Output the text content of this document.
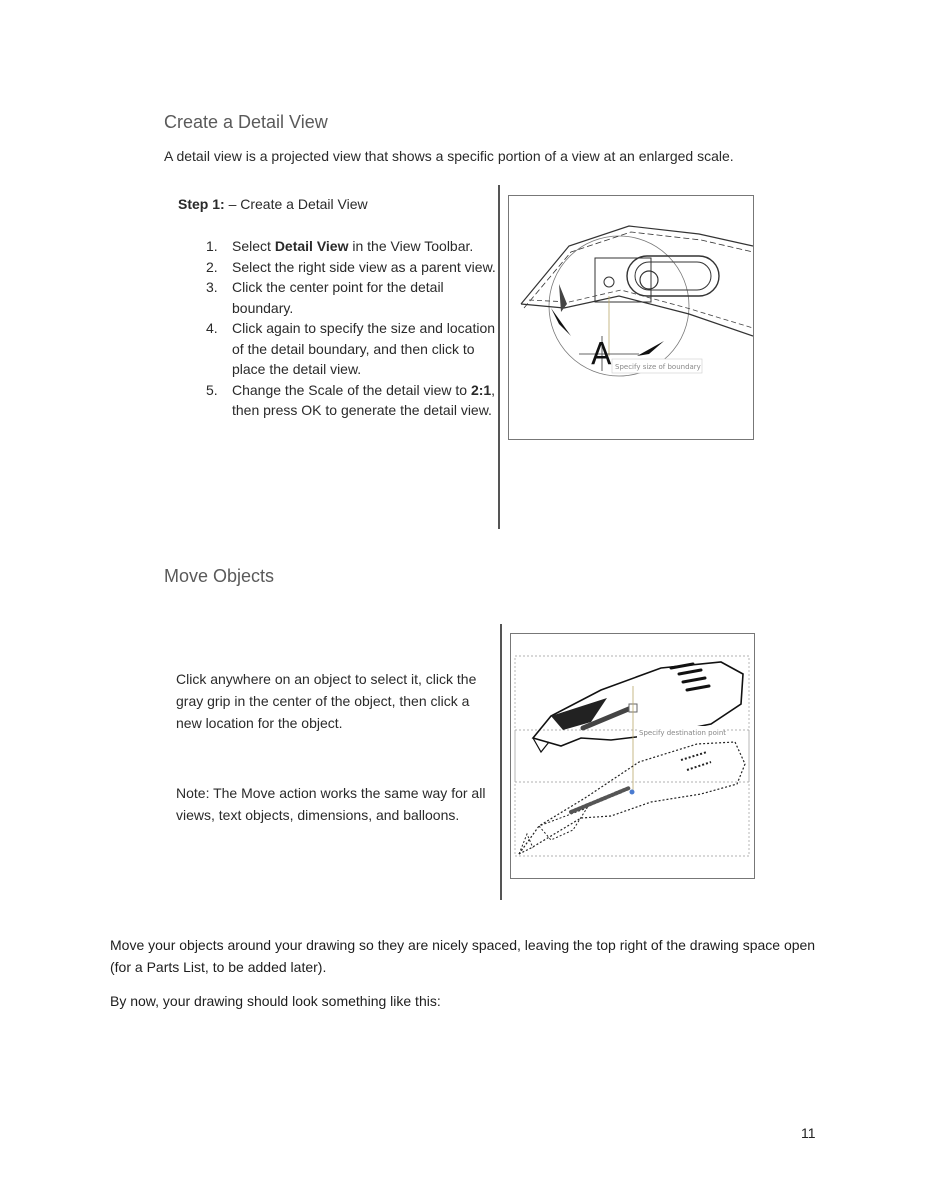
Create a Detail View
A detail view is a projected view that shows a specific portion of a view at an enlarged scale.
Step 1: – Create a Detail View
1. Select Detail View in the View Toolbar.
2. Select the right side view as a parent view.
3. Click the center point for the detail boundary.
4. Click again to specify the size and location of the detail boundary, and then click to place the detail view.
5. Change the Scale of the detail view to 2:1, then press OK to generate the detail view.
A Specify size of boundary
Move Objects
Click anywhere on an object to select it, click the gray grip in the center of the object, then click a new location for the object.
Note: The Move action works the same way for all views, text objects, dimensions, and balloons.
Specify destination point
Move your objects around your drawing so they are nicely spaced, leaving the top right of the drawing space open (for a Parts List, to be added later).
By now, your drawing should look something like this:
11
